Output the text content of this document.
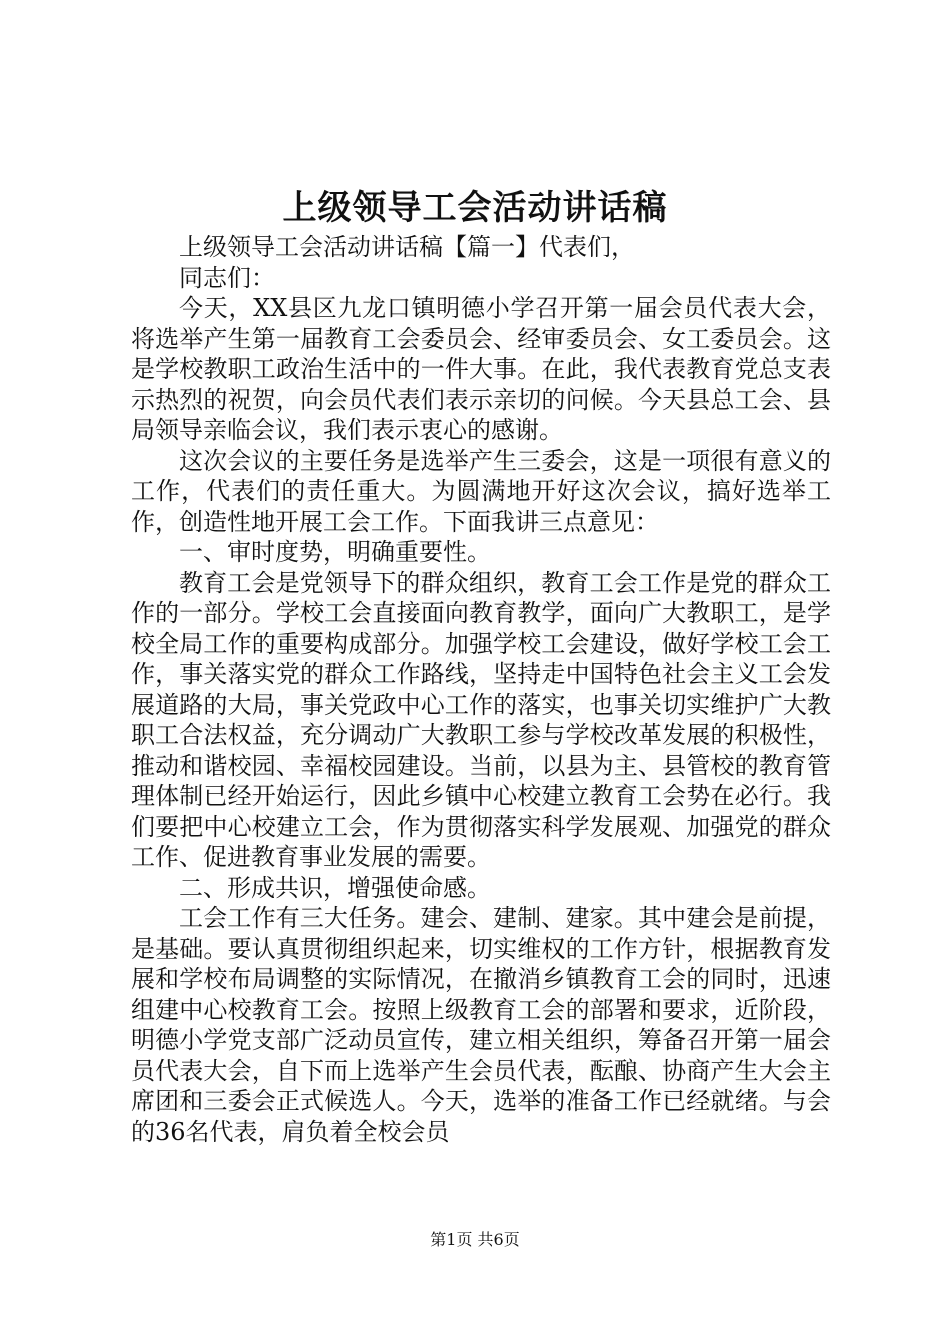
上级领导工会活动讲话稿

上级领导工会活动讲话稿【篇一】代表们，

同志们：

今天，XX县区九龙口镇明德小学召开第一届会员代表大会，将选举产生第一届教育工会委员会、经审委员会、女工委员会。这是学校教职工政治生活中的一件大事。在此，我代表教育党总支表示热烈的祝贺，向会员代表们表示亲切的问候。今天县总工会、县局领导亲临会议，我们表示衷心的感谢。

这次会议的主要任务是选举产生三委会，这是一项很有意义的工作，代表们的责任重大。为圆满地开好这次会议，搞好选举工作，创造性地开展工会工作。下面我讲三点意见：

一、审时度势，明确重要性。

教育工会是党领导下的群众组织，教育工会工作是党的群众工作的一部分。学校工会直接面向教育教学，面向广大教职工，是学校全局工作的重要构成部分。加强学校工会建设，做好学校工会工作，事关落实党的群众工作路线，坚持走中国特色社会主义工会发展道路的大局，事关党政中心工作的落实，也事关切实维护广大教职工合法权益，充分调动广大教职工参与学校改革发展的积极性，推动和谐校园、幸福校园建设。当前，以县为主、县管校的教育管理体制已经开始运行，因此乡镇中心校建立教育工会势在必行。我们要把中心校建立工会，作为贯彻落实科学发展观、加强党的群众工作、促进教育事业发展的需要。

二、形成共识，增强使命感。

工会工作有三大任务。建会、建制、建家。其中建会是前提，是基础。要认真贯彻组织起来，切实维权的工作方针，根据教育发展和学校布局调整的实际情况，在撤消乡镇教育工会的同时，迅速组建中心校教育工会。按照上级教育工会的部署和要求，近阶段，明德小学党支部广泛动员宣传，建立相关组织，筹备召开第一届会员代表大会，自下而上选举产生会员代表，酝酿、协商产生大会主席团和三委会正式候选人。今天，选举的准备工作已经就绪。与会的36名代表，肩负着全校会员

第1页 共6页
